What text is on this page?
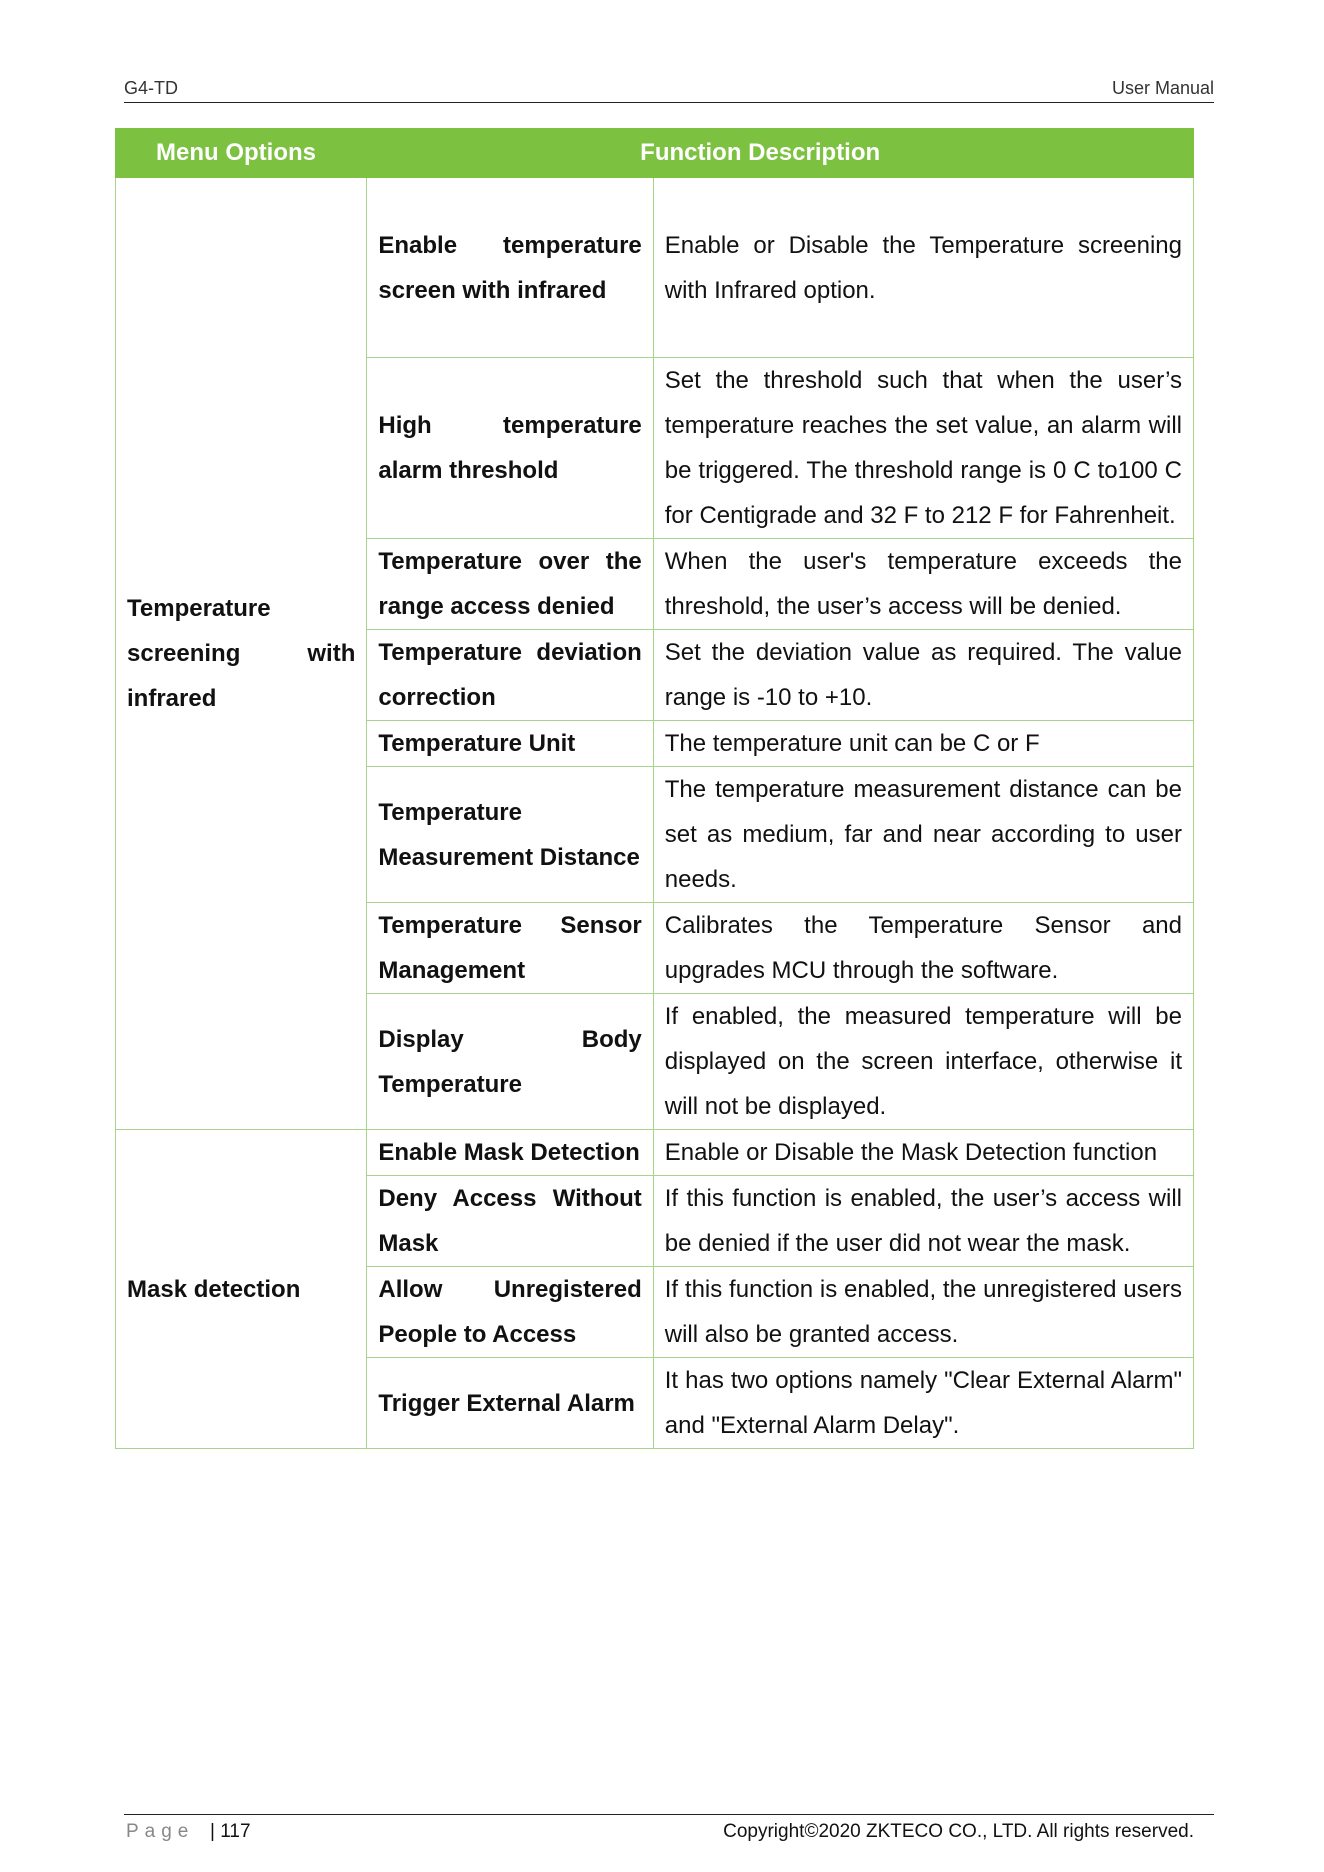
G4-TD	User Manual
Menu Options	Function Description	
Temperature screening with infrared	Enable temperature screen with infrared	Enable or Disable the Temperature screening with Infrared option.
	High temperature alarm threshold	Set the threshold such that when the user’s temperature reaches the set value, an alarm will be triggered. The threshold range is 0 C to100 C for Centigrade and 32 F to 212 F for Fahrenheit.
	Temperature over the range access denied	When the user's temperature exceeds the threshold, the user’s access will be denied.
	Temperature deviation correction	Set the deviation value as required. The value range is -10 to +10.
	Temperature Unit	The temperature unit can be C or F
	Temperature Measurement Distance	The temperature measurement distance can be set as medium, far and near according to user needs.
	Temperature Sensor Management	Calibrates the Temperature Sensor and upgrades MCU through the software.
	Display Body Temperature	If enabled, the measured temperature will be displayed on the screen interface, otherwise it will not be displayed.
Mask detection	Enable Mask Detection	Enable or Disable the Mask Detection function
	Deny Access Without Mask	If this function is enabled, the user’s access will be denied if the user did not wear the mask.
	Allow Unregistered People to Access	If this function is enabled, the unregistered users will also be granted access.
	Trigger External Alarm	It has two options namely "Clear External Alarm" and "External Alarm Delay".
Page | 117	Copyright©2020 ZKTECO CO., LTD. All rights reserved.
